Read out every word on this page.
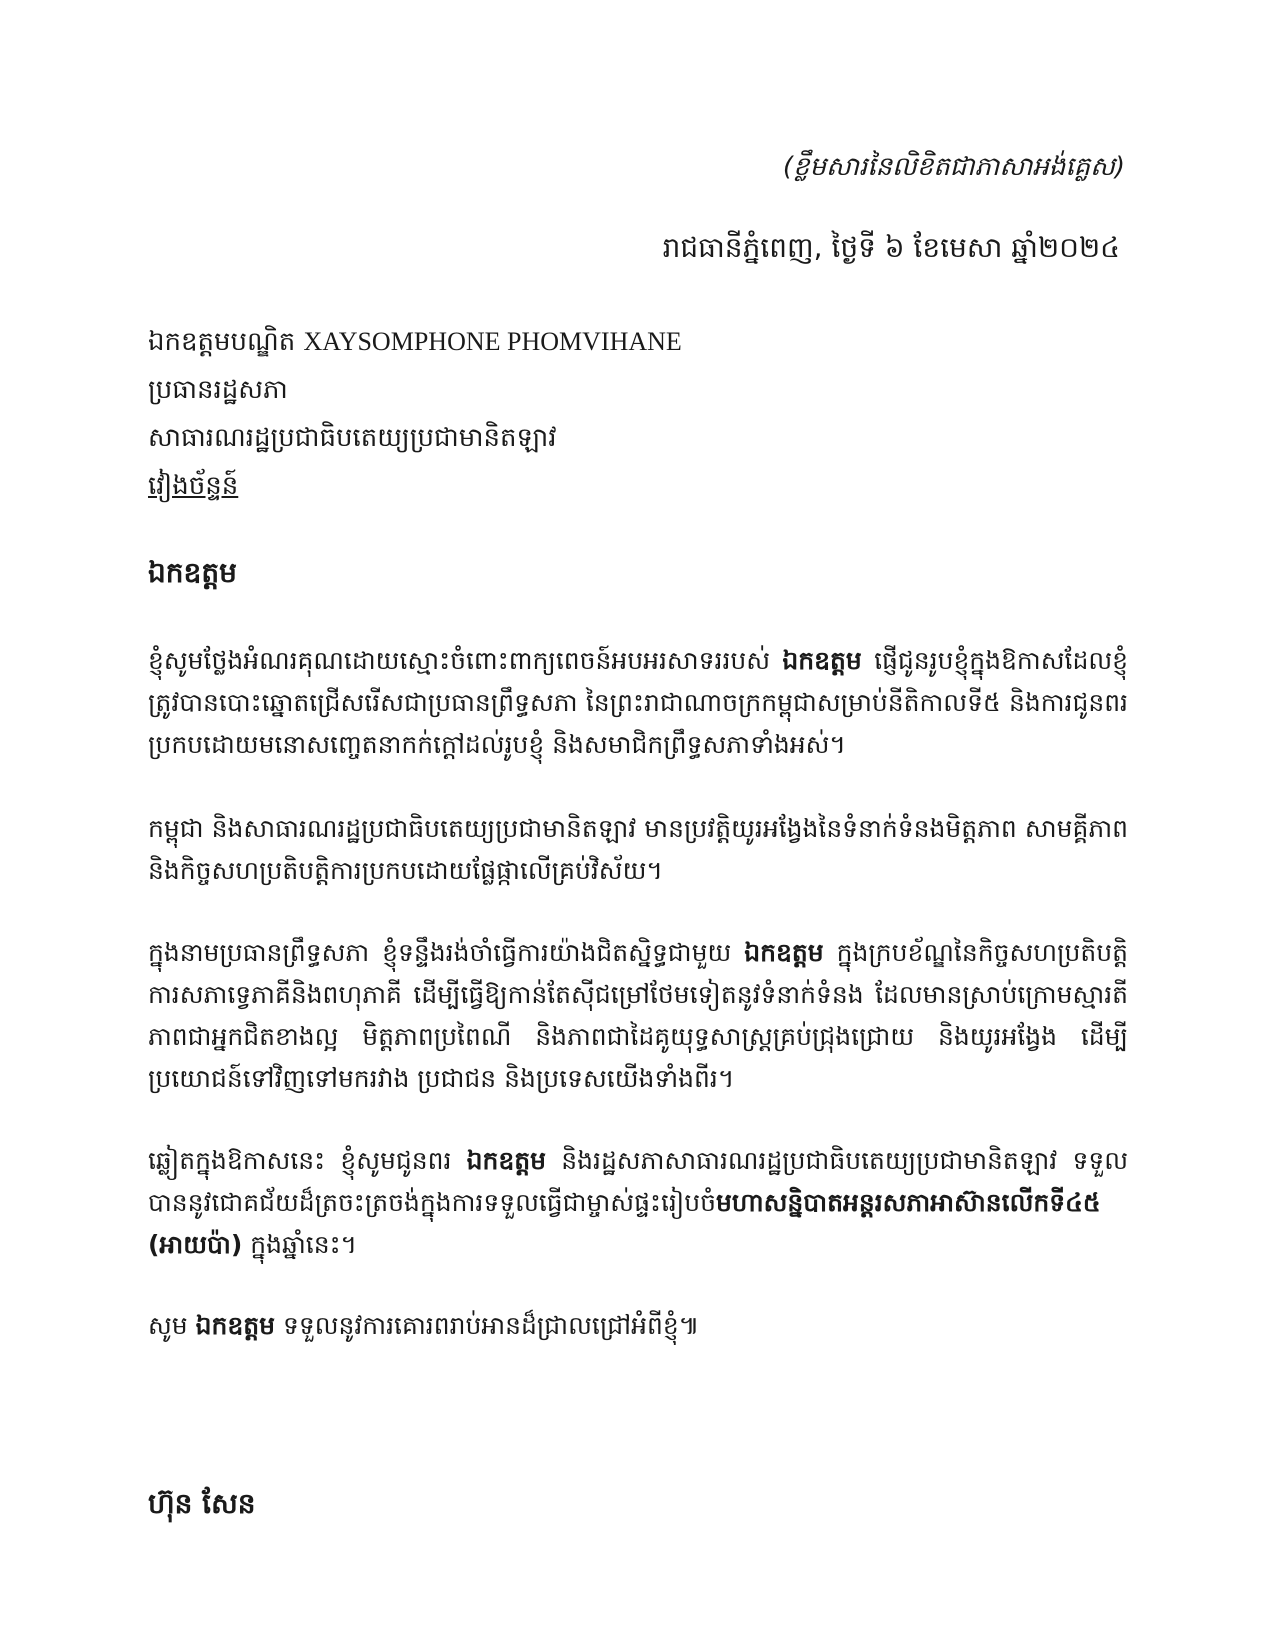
(ខ្លឹមសារនៃលិខិតជាភាសាអង់គ្លេស)
រាជធានីភ្នំពេញ, ថ្ងៃទី ៦ ខែមេសា ឆ្នាំ២០២៤
ឯកឧត្តមបណ្ឌិត XAYSOMPHONE PHOMVIHANE
ប្រធានរដ្ឋសភា
សាធារណរដ្ឋប្រជាធិបតេយ្យប្រជាមានិតឡាវ
វៀងច័ន្ទន៍
ឯកឧត្តម

ខ្ញុំសូមថ្លែងអំណរគុណដោយស្មោះចំពោះពាក្យពេចន៍អបអរសាទររបស់ ឯកឧត្តម ផ្ញើជូនរូបខ្ញុំក្នុងឱកាសដែលខ្ញុំត្រូវបានបោះឆ្នោតជ្រើសរើសជាប្រធានព្រឹទ្ធសភា នៃព្រះរាជាណាចក្រកម្ពុជាសម្រាប់នីតិកាលទី៥ និងការជូនពរប្រកបដោយមនោសញ្ចេតនាកក់ក្តៅដល់រូបខ្ញុំ និងសមាជិកព្រឹទ្ធសភាទាំងអស់។

កម្ពុជា និងសាធារណរដ្ឋប្រជាធិបតេយ្យប្រជាមានិតឡាវ មានប្រវត្តិយូរអង្វែងនៃទំនាក់ទំនងមិត្តភាព សាមគ្គីភាព និងកិច្ចសហប្រតិបត្តិការប្រកបដោយផ្លែផ្កាលើគ្រប់វិស័យ។

ក្នុងនាមប្រធានព្រឹទ្ធសភា ខ្ញុំទន្ទឹងរង់ចាំធ្វើការយ៉ាងជិតស្និទ្ធជាមួយ ឯកឧត្តម ក្នុងក្របខ័ណ្ឌនៃកិច្ចសហប្រតិបត្តិការសភាទ្វេភាគីនិងពហុភាគី ដើម្បីធ្វើឱ្យកាន់តែស៊ីជម្រៅថែមទៀតនូវទំនាក់ទំនង ដែលមានស្រាប់ក្រោមស្មារតីភាពជាអ្នកជិតខាងល្អ មិត្តភាពប្រពៃណី និងភាពជាដៃគូយុទ្ធសាស្ត្រគ្រប់ជ្រុងជ្រោយ និងយូរអង្វែង ដើម្បីប្រយោជន៍ទៅវិញទៅមករវាង ប្រជាជន និងប្រទេសយើងទាំងពីរ។

ឆ្លៀតក្នុងឱកាសនេះ ខ្ញុំសូមជូនពរ ឯកឧត្តម និងរដ្ឋសភាសាធារណរដ្ឋប្រជាធិបតេយ្យប្រជាមានិតឡាវ ទទួលបាននូវជោគជ័យដ៏ត្រចះត្រចង់ក្នុងការទទួលធ្វើជាម្ចាស់ផ្ទះរៀបចំមហាសន្និបាតអន្តរសភាអាស៊ានលើកទី៤៥ (អាយប៉ា) ក្នុងឆ្នាំនេះ។

សូម ឯកឧត្តម ទទួលនូវការគោរពរាប់អានដ៏ជ្រាលជ្រៅអំពីខ្ញុំ៕

ហ៊ុន សែន
